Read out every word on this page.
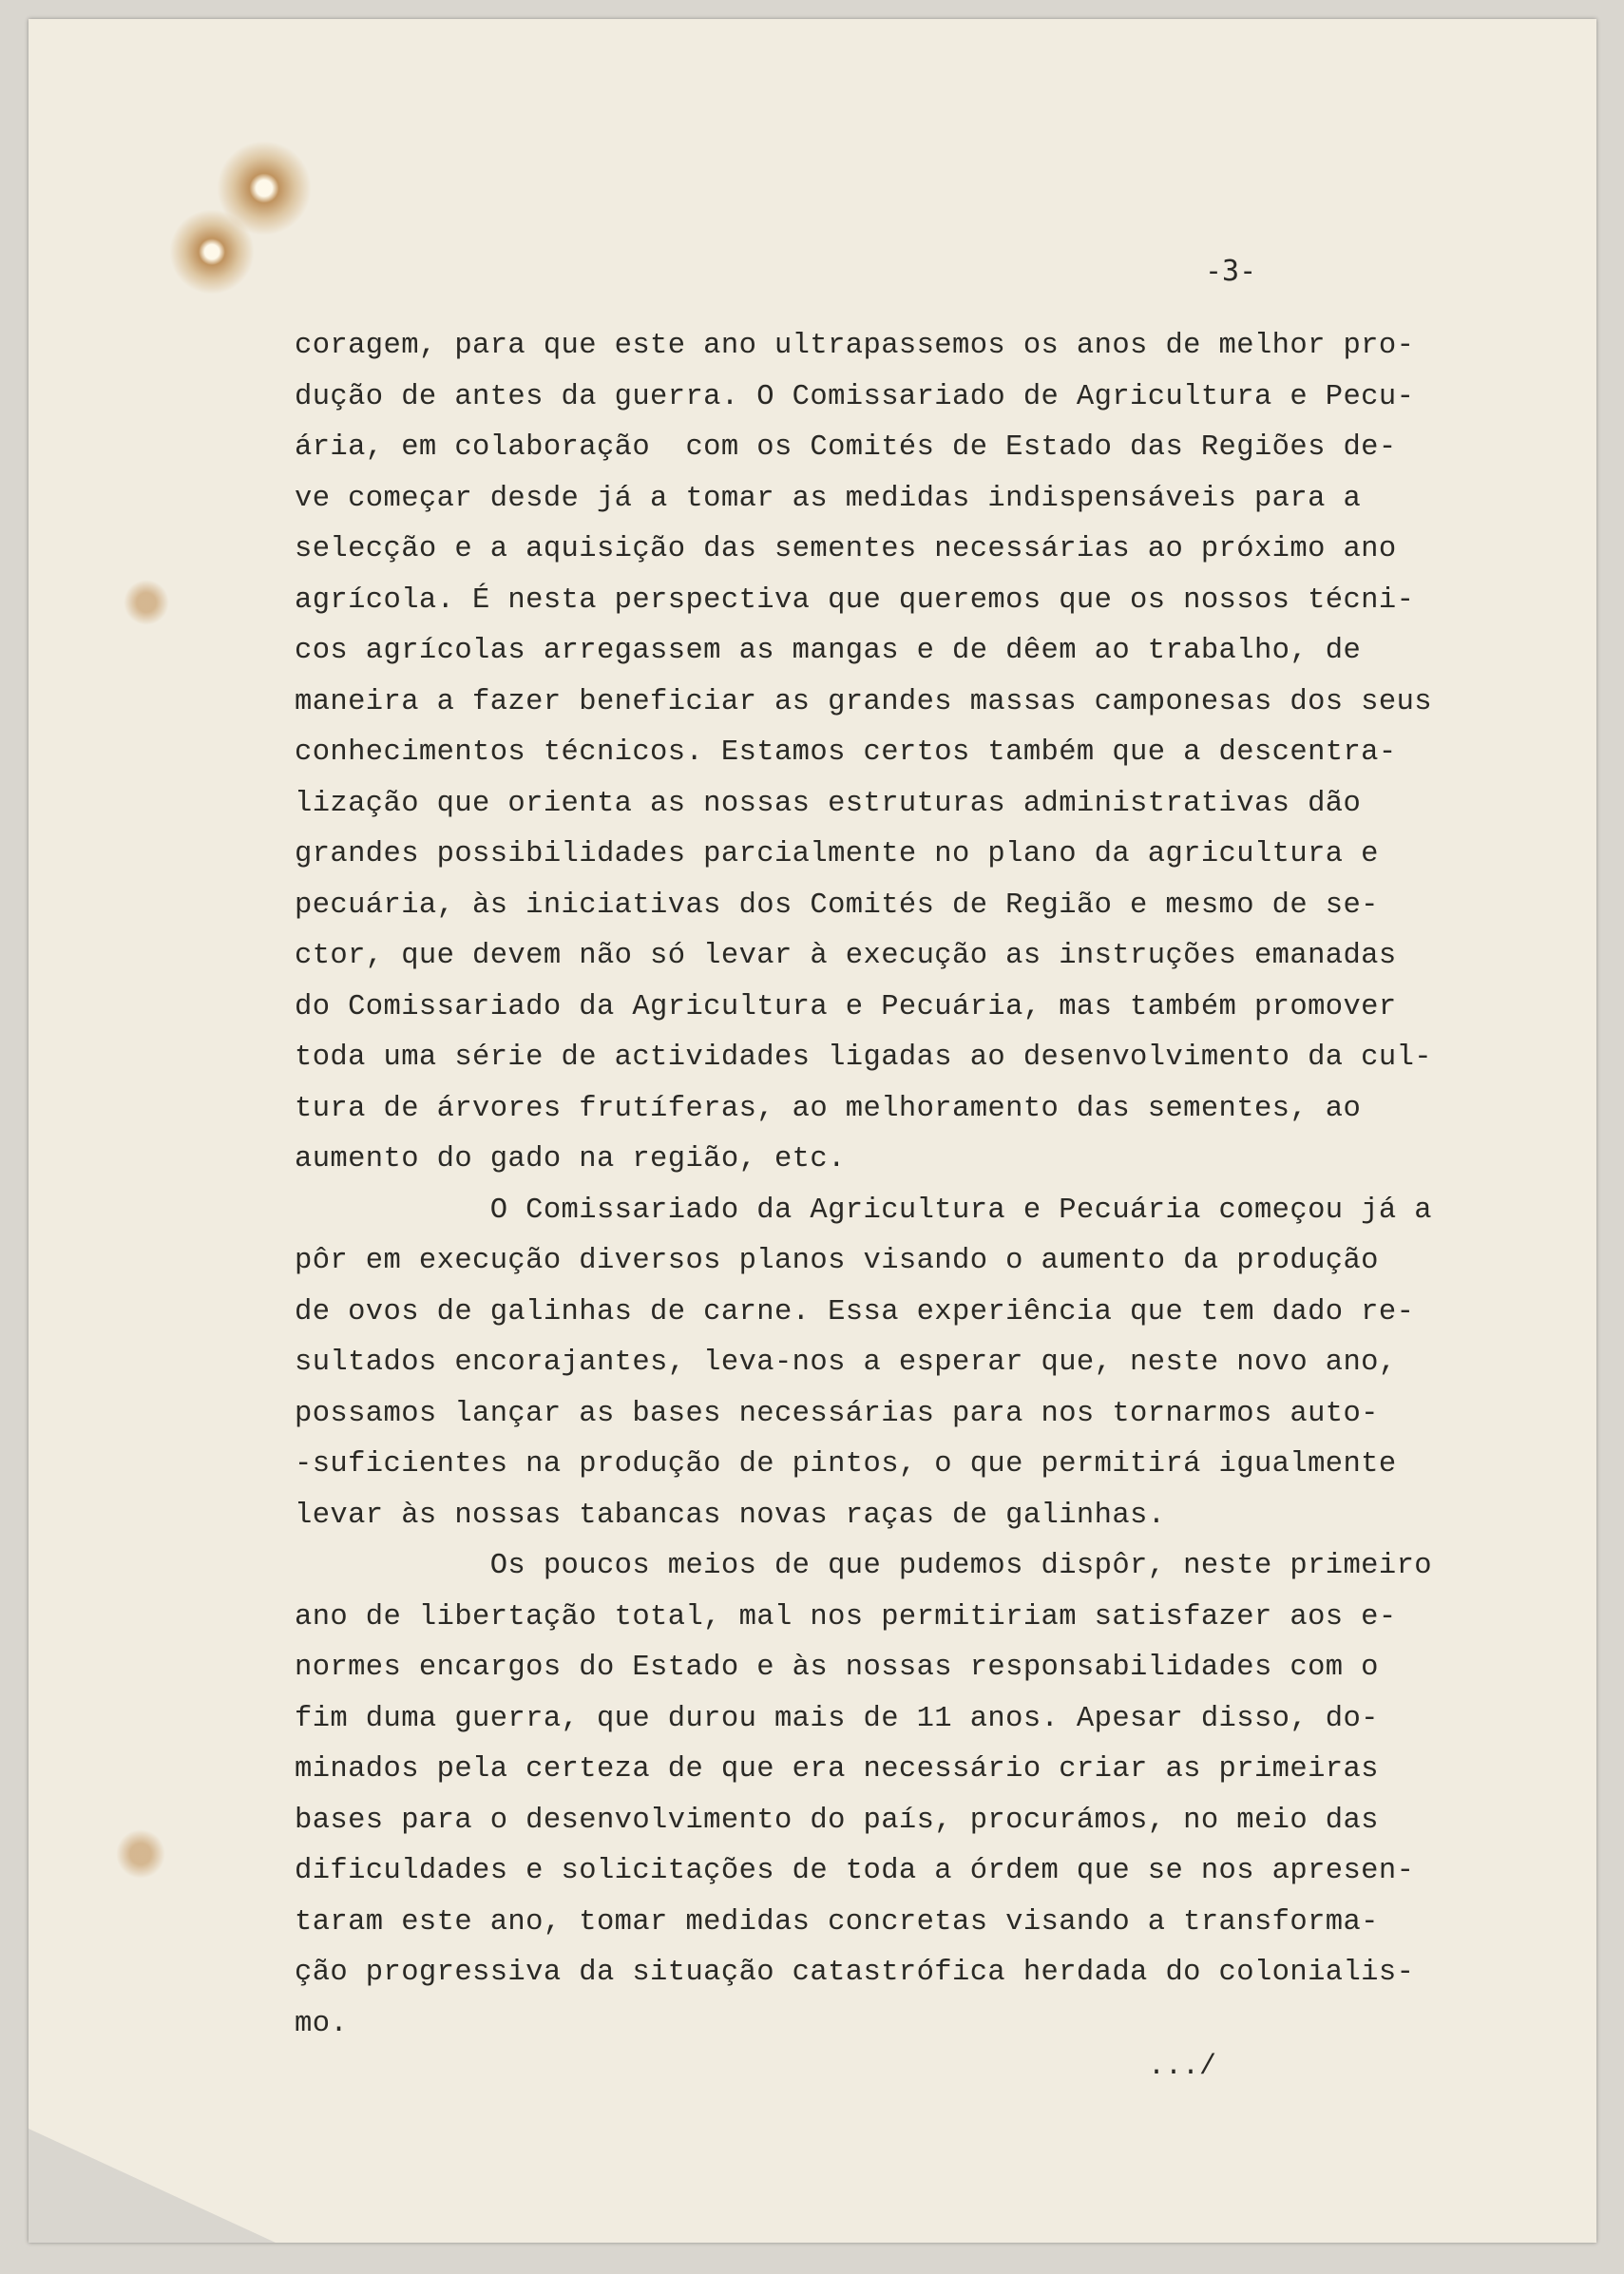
-3-
coragem, para que este ano ultrapassemos os anos de melhor pro-
dução de antes da guerra. O Comissariado de Agricultura e Pecu-
ária, em colaboração  com os Comités de Estado das Regiões de-
ve começar desde já a tomar as medidas indispensáveis para a
selecção e a aquisição das sementes necessárias ao próximo ano
agrícola. É nesta perspectiva que queremos que os nossos técni-
cos agrícolas arregassem as mangas e de dêem ao trabalho, de
maneira a fazer beneficiar as grandes massas camponesas dos seus
conhecimentos técnicos. Estamos certos também que a descentra-
lização que orienta as nossas estruturas administrativas dão
grandes possibilidades parcialmente no plano da agricultura e
pecuária, às iniciativas dos Comités de Região e mesmo de se-
ctor, que devem não só levar à execução as instruções emanadas
do Comissariado da Agricultura e Pecuária, mas também promover
toda uma série de actividades ligadas ao desenvolvimento da cul-
tura de árvores frutíferas, ao melhoramento das sementes, ao
aumento do gado na região, etc.
O Comissariado da Agricultura e Pecuária começou já a
pôr em execução diversos planos visando o aumento da produção
de ovos de galinhas de carne. Essa experiência que tem dado re-
sultados encorajantes, leva-nos a esperar que, neste novo ano,
possamos lançar as bases necessárias para nos tornarmos auto-
-suficientes na produção de pintos, o que permitirá igualmente
levar às nossas tabancas novas raças de galinhas.
Os poucos meios de que pudemos dispôr, neste primeiro
ano de libertação total, mal nos permitiriam satisfazer aos e-
normes encargos do Estado e às nossas responsabilidades com o
fim duma guerra, que durou mais de 11 anos. Apesar disso, do-
minados pela certeza de que era necessário criar as primeiras
bases para o desenvolvimento do país, procurámos, no meio das
dificuldades e solicitações de toda a órdem que se nos apresen-
taram este ano, tomar medidas concretas visando a transforma-
ção progressiva da situação catastrófica herdada do colonialis-
mo.
.../
